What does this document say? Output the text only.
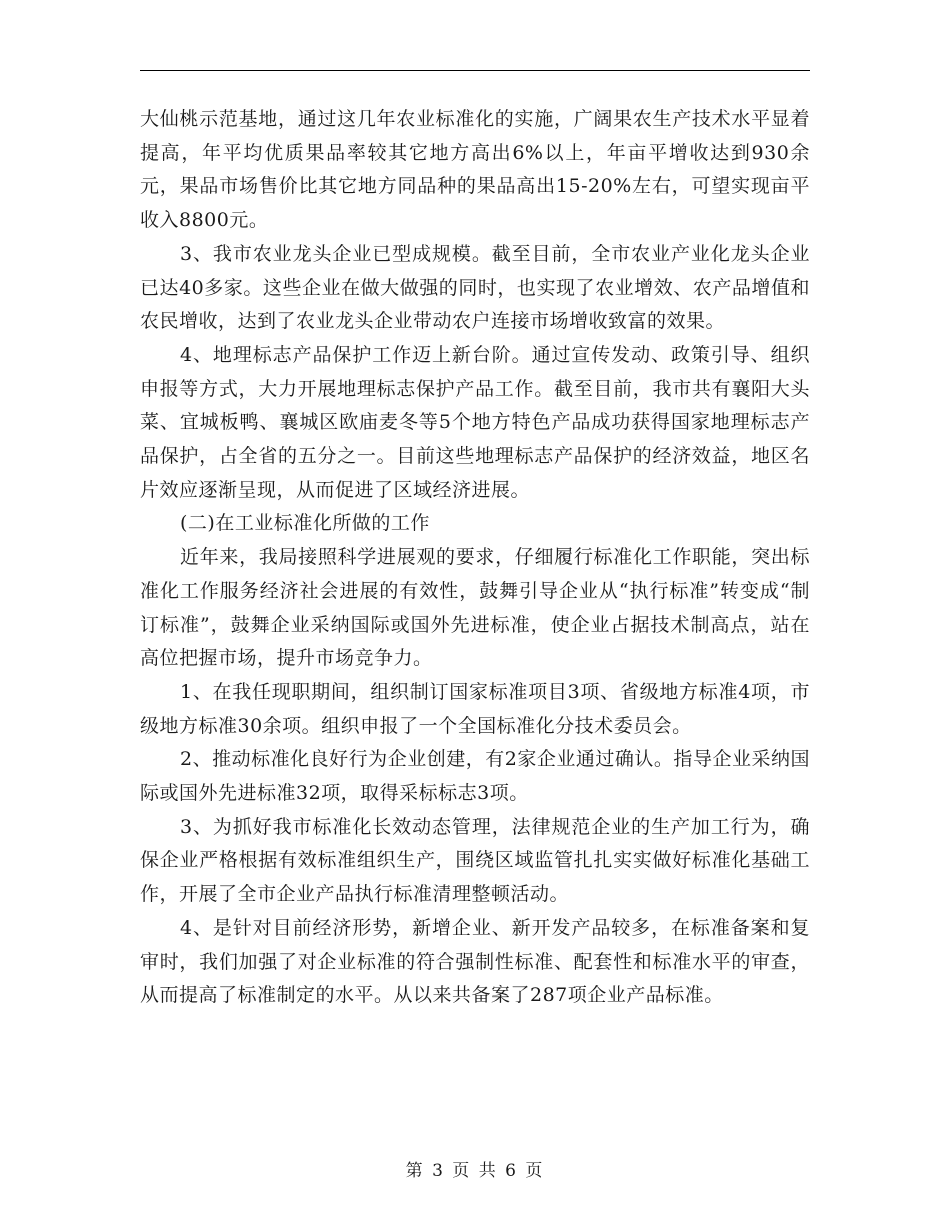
大仙桃示范基地，通过这几年农业标准化的实施，广阔果农生产技术水平显着提高，年平均优质果品率较其它地方高出6%以上，年亩平增收达到930余元，果品市场售价比其它地方同品种的果品高出15-20%左右，可望实现亩平收入8800元。

3、我市农业龙头企业已型成规模。截至目前，全市农业产业化龙头企业已达40多家。这些企业在做大做强的同时，也实现了农业增效、农产品增值和农民增收，达到了农业龙头企业带动农户连接市场增收致富的效果。

4、地理标志产品保护工作迈上新台阶。通过宣传发动、政策引导、组织申报等方式，大力开展地理标志保护产品工作。截至目前，我市共有襄阳大头菜、宜城板鸭、襄城区欧庙麦冬等5个地方特色产品成功获得国家地理标志产品保护，占全省的五分之一。目前这些地理标志产品保护的经济效益，地区名片效应逐渐呈现，从而促进了区域经济进展。

(二)在工业标准化所做的工作

近年来，我局接照科学进展观的要求，仔细履行标准化工作职能，突出标准化工作服务经济社会进展的有效性，鼓舞引导企业从“执行标准”转变成“制订标准”，鼓舞企业采纳国际或国外先进标准，使企业占据技术制高点，站在高位把握市场，提升市场竞争力。

1、在我任现职期间，组织制订国家标准项目3项、省级地方标准4项，市级地方标准30余项。组织申报了一个全国标准化分技术委员会。

2、推动标准化良好行为企业创建，有2家企业通过确认。指导企业采纳国际或国外先进标准32项，取得采标标志3项。

3、为抓好我市标准化长效动态管理，法律规范企业的生产加工行为，确保企业严格根据有效标准组织生产，围绕区域监管扎扎实实做好标准化基础工作，开展了全市企业产品执行标准清理整顿活动。

4、是针对目前经济形势，新增企业、新开发产品较多，在标准备案和复审时，我们加强了对企业标准的符合强制性标准、配套性和标准水平的审查，从而提高了标准制定的水平。从以来共备案了287项企业产品标准。

第 3 页 共 6 页
